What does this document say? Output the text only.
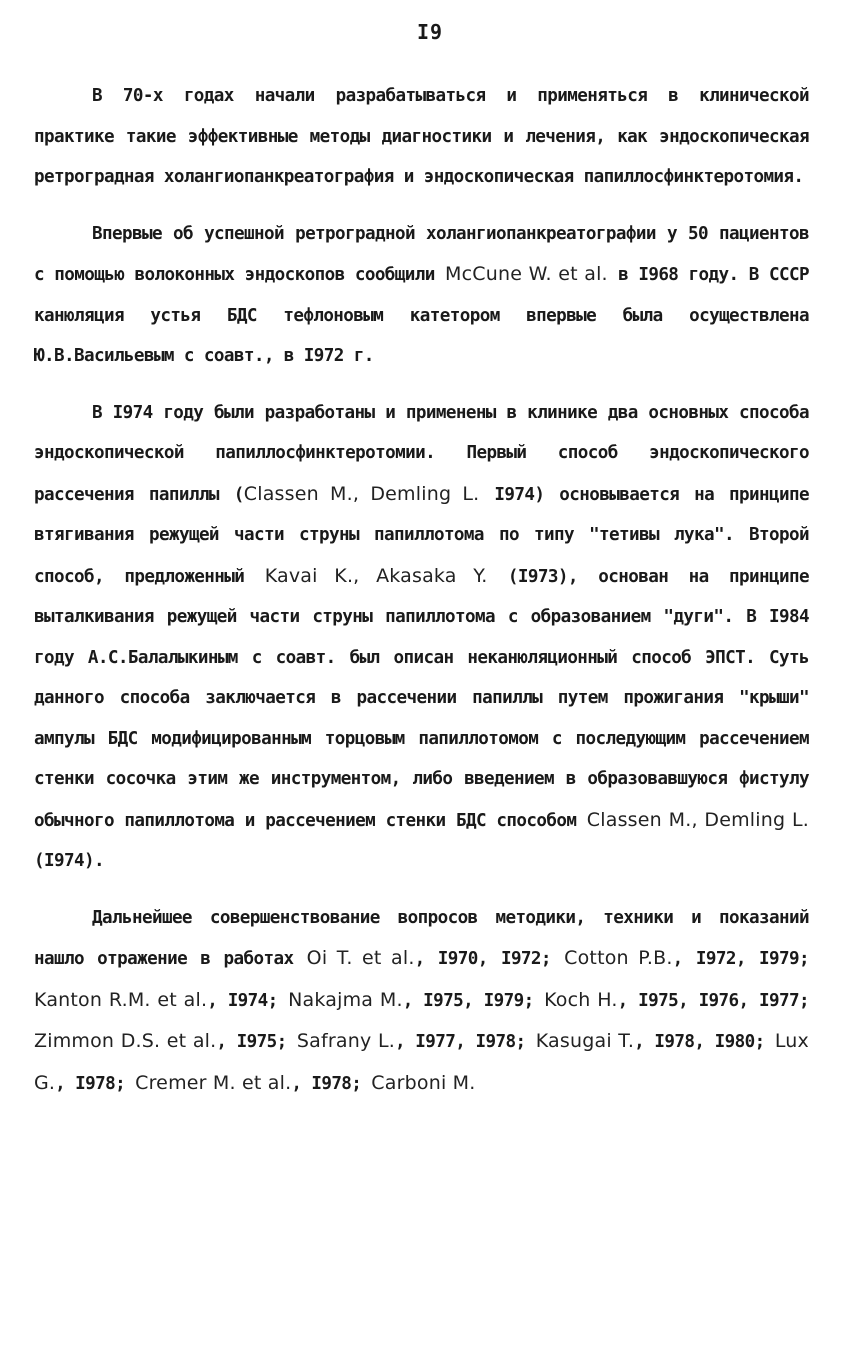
I9

В 70-х годах начали разрабатываться и применяться в клинической практике такие эффективные методы диагностики и лечения, как эндоскопическая ретроградная холангиопанкреатография и эндоскопическая папиллосфинктеротомия.

Впервые об успешной ретроградной холангиопанкреатографии у 50 пациентов с помощью волоконных эндоскопов сообщили McCune W. et al. в I968 году. В СССР канюляция устья БДС тефлоновым катетором впервые была осуществлена Ю.В.Васильевым с соавт., в I972 г.

В I974 году были разработаны и применены в клинике два основных способа эндоскопической папиллосфинктеротомии. Первый способ эндоскопического расcечения папиллы (Classen M., Demling L. I974) основывается на принципе втягивания режущей части струны папиллотома по типу "тетивы лука". Второй способ, предложенный Kavai K., Akasaka Y. (I973), основан на принципе выталкивания режущей части струны папиллотома с образованием "дуги". В I984 году А.С.Балалыкиным с соавт. был описан неканюляционный способ ЭПСТ. Суть данного способа заключается в рассечении папиллы путем прожигания "крыши" ампулы БДС модифицированным торцовым папиллотомом с последующим рассечением стенки сосочка этим же инструментом, либо введением в образовавшуюся фистулу обычного папиллотома и рассечением стенки БДС способом Classen M., Demling L. (I974).

Дальнейшее совершенствование вопросов методики, техники и показаний нашло отражение в работах Oi T. et al., I970, I972; Cotton P.B., I972, I979; Kanton R.M. et al., I974; Nakajma M., I975, I979; Koch H., I975, I976, I977; Zimmon D.S. et al., I975; Safrany L., I977, I978; Kasugai T., I978, I980; Lux G., I978; Cremer M. et al., I978; Carboni M.
